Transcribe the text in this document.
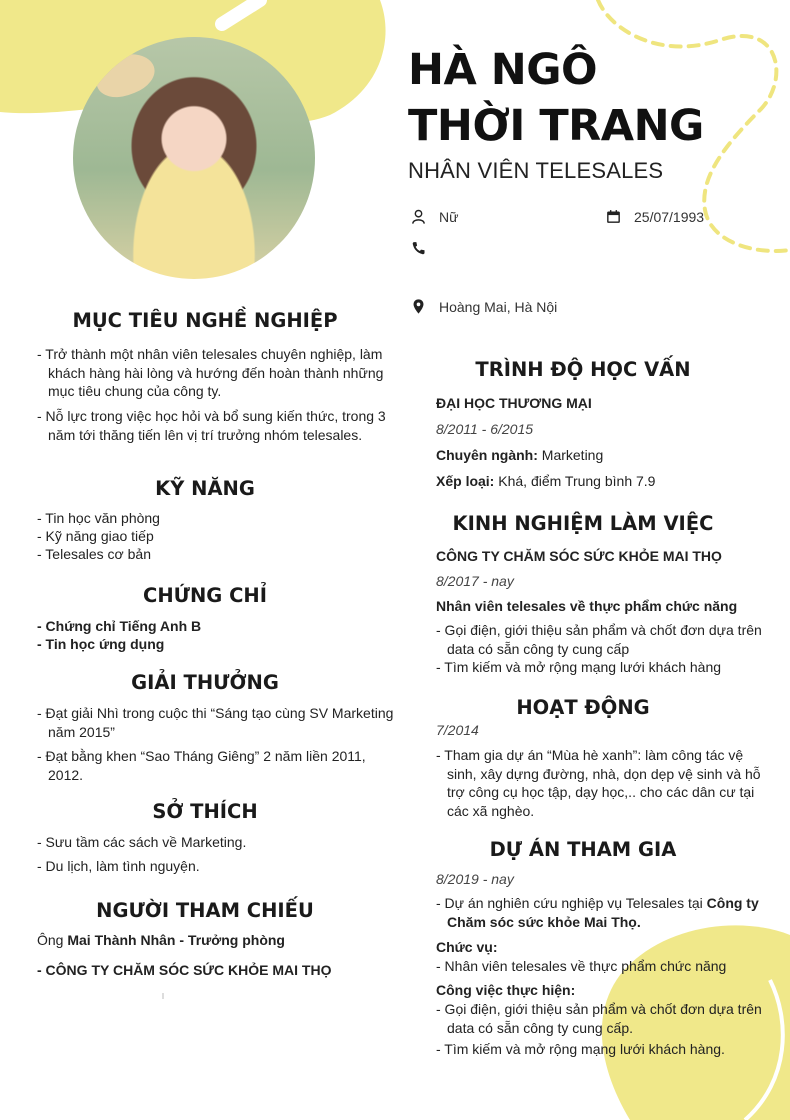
HÀ NGÔ
THỜI TRANG
NHÂN VIÊN TELESALES
Nữ	25/07/1993
Hoàng Mai, Hà Nội
MỤC TIÊU NGHỀ NGHIỆP
- Trở thành một nhân viên telesales chuyên nghiệp, làm khách hàng hài lòng và hướng đến hoàn thành những mục tiêu chung của công ty.
- Nỗ lực trong việc học hỏi và bổ sung kiến thức, trong 3 năm tới thăng tiến lên vị trí trưởng nhóm telesales.
KỸ NĂNG
- Tin học văn phòng
- Kỹ năng giao tiếp
- Telesales cơ bản
CHỨNG CHỈ
- Chứng chỉ Tiếng Anh B
- Tin học ứng dụng
GIẢI THƯỞNG
- Đạt giải Nhì trong cuộc thi “Sáng tạo cùng SV Marketing năm 2015”
- Đạt bằng khen “Sao Tháng Giêng” 2 năm liền 2011, 2012.
SỞ THÍCH
- Sưu tầm các sách về Marketing.
- Du lịch, làm tình nguyện.
NGƯỜI THAM CHIẾU
Ông Mai Thành Nhân - Trưởng phòng
- CÔNG TY CHĂM SÓC SỨC KHỎE MAI THỌ
TRÌNH ĐỘ HỌC VẤN
ĐẠI HỌC THƯƠNG MẠI
8/2011 - 6/2015
Chuyên ngành: Marketing
Xếp loại: Khá, điểm Trung bình 7.9
KINH NGHIỆM LÀM VIỆC
CÔNG TY CHĂM SÓC SỨC KHỎE MAI THỌ
8/2017 - nay
Nhân viên telesales về thực phẩm chức năng
- Gọi điện, giới thiệu sản phẩm và chốt đơn dựa trên data có sẵn công ty cung cấp
- Tìm kiếm và mở rộng mạng lưới khách hàng
HOẠT ĐỘNG
7/2014
- Tham gia dự án “Mùa hè xanh”: làm công tác vệ sinh, xây dựng đường, nhà, dọn dẹp vệ sinh và hỗ trợ công cụ học tập, dạy học,.. cho các dân cư tại các xã nghèo.
DỰ ÁN THAM GIA
8/2019 - nay
- Dự án nghiên cứu nghiệp vụ Telesales tại Công ty Chăm sóc sức khỏe Mai Thọ.
Chức vụ:
- Nhân viên telesales về thực phẩm chức năng
Công việc thực hiện:
- Gọi điện, giới thiệu sản phẩm và chốt đơn dựa trên data có sẵn công ty cung cấp.
- Tìm kiếm và mở rộng mạng lưới khách hàng.
